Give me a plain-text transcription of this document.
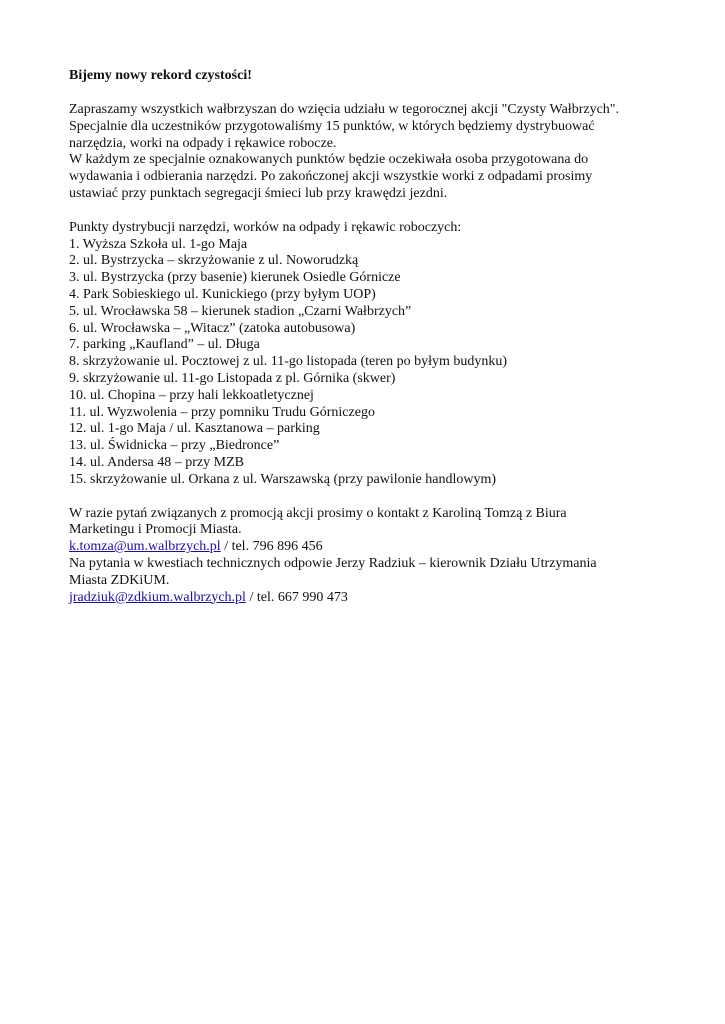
Bijemy nowy rekord czystości!

Zapraszamy wszystkich wałbrzyszan do wzięcia udziału w tegorocznej akcji "Czysty Wałbrzych".

Specjalnie dla uczestników przygotowaliśmy 15 punktów, w których będziemy dystrybuować

narzędzia, worki na odpady i rękawice robocze.

W każdym ze specjalnie oznakowanych punktów będzie oczekiwała osoba przygotowana do

wydawania i odbierania narzędzi. Po zakończonej akcji wszystkie worki z odpadami prosimy

ustawiać przy punktach segregacji śmieci lub przy krawędzi jezdni.

Punkty dystrybucji narzędzi, worków na odpady i rękawic roboczych:

1. Wyższa Szkoła ul. 1-go Maja

2. ul. Bystrzycka – skrzyżowanie z ul. Noworudzką

3. ul. Bystrzycka (przy basenie) kierunek Osiedle Górnicze

4. Park Sobieskiego ul. Kunickiego (przy byłym UOP)

5. ul. Wrocławska 58 – kierunek stadion „Czarni Wałbrzych”

6. ul. Wrocławska – „Witacz” (zatoka autobusowa)

7. parking „Kaufland” – ul. Długa

8. skrzyżowanie ul. Pocztowej z ul. 11-go listopada (teren po byłym budynku)

9. skrzyżowanie ul. 11-go Listopada z pl. Górnika (skwer)

10. ul. Chopina – przy hali lekkoatletycznej

11. ul. Wyzwolenia – przy pomniku Trudu Górniczego

12. ul. 1-go Maja / ul. Kasztanowa – parking

13. ul. Świdnicka – przy „Biedronce”

14. ul. Andersa 48 – przy MZB

15. skrzyżowanie ul. Orkana z ul. Warszawską (przy pawilonie handlowym)

W razie pytań związanych z promocją akcji prosimy o kontakt z Karoliną Tomzą z Biura

Marketingu i Promocji Miasta.

k.tomza@um.walbrzych.pl / tel. 796 896 456

Na pytania w kwestiach technicznych odpowie Jerzy Radziuk – kierownik Działu Utrzymania

Miasta ZDKiUM.

jradziuk@zdkium.walbrzych.pl / tel. 667 990 473
